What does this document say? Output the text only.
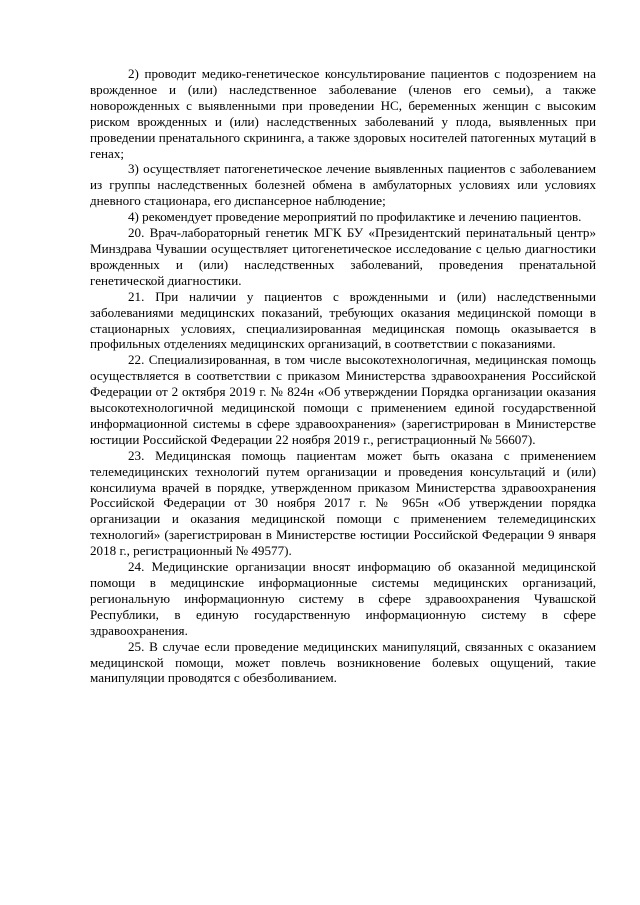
2) проводит медико-генетическое консультирование пациентов с подозрением на врожденное и (или) наследственное заболевание (членов его семьи), а также новорожденных с выявленными при проведении НС, беременных женщин с высоким риском врожденных и (или) наследственных заболеваний у плода, выявленных при проведении пренатального скрининга, а также здоровых носителей патогенных мутаций в генах;

3) осуществляет патогенетическое лечение выявленных пациентов с заболеванием из группы наследственных болезней обмена в амбулаторных условиях или условиях дневного стационара, его диспансерное наблюдение;

4) рекомендует проведение мероприятий по профилактике и лечению пациентов.

20. Врач-лабораторный генетик МГК БУ «Президентский перинатальный центр» Минздрава Чувашии осуществляет цитогенетическое исследование с целью диагностики врожденных и (или) наследственных заболеваний, проведения пренатальной генетической диагностики.

21. При наличии у пациентов с врожденными и (или) наследственными заболеваниями медицинских показаний, требующих оказания медицинской помощи в стационарных условиях, специализированная медицинская помощь оказывается в профильных отделениях медицинских организаций, в соответствии с показаниями.

22. Специализированная, в том числе высокотехнологичная, медицинская помощь осуществляется в соответствии с приказом Министерства здравоохранения Российской Федерации от 2 октября 2019 г. № 824н «Об утверждении Порядка организации оказания высокотехнологичной медицинской помощи с применением единой государственной информационной системы в сфере здравоохранения» (зарегистрирован в Министерстве юстиции Российской Федерации 22 ноября 2019 г., регистрационный № 56607).

23. Медицинская помощь пациентам может быть оказана с применением телемедицинских технологий путем организации и проведения консультаций и (или) консилиума врачей в порядке, утвержденном приказом Министерства здравоохранения Российской Федерации от 30 ноября 2017 г. № 965н «Об утверждении порядка организации и оказания медицинской помощи с применением телемедицинских технологий» (зарегистрирован в Министерстве юстиции Российской Федерации 9 января 2018 г., регистрационный № 49577).

24. Медицинские организации вносят информацию об оказанной медицинской помощи в медицинские информационные системы медицинских организаций, региональную информационную систему в сфере здравоохранения Чувашской Республики, в единую государственную информационную систему в сфере здравоохранения.

25. В случае если проведение медицинских манипуляций, связанных с оказанием медицинской помощи, может повлечь возникновение болевых ощущений, такие манипуляции проводятся с обезболиванием.
